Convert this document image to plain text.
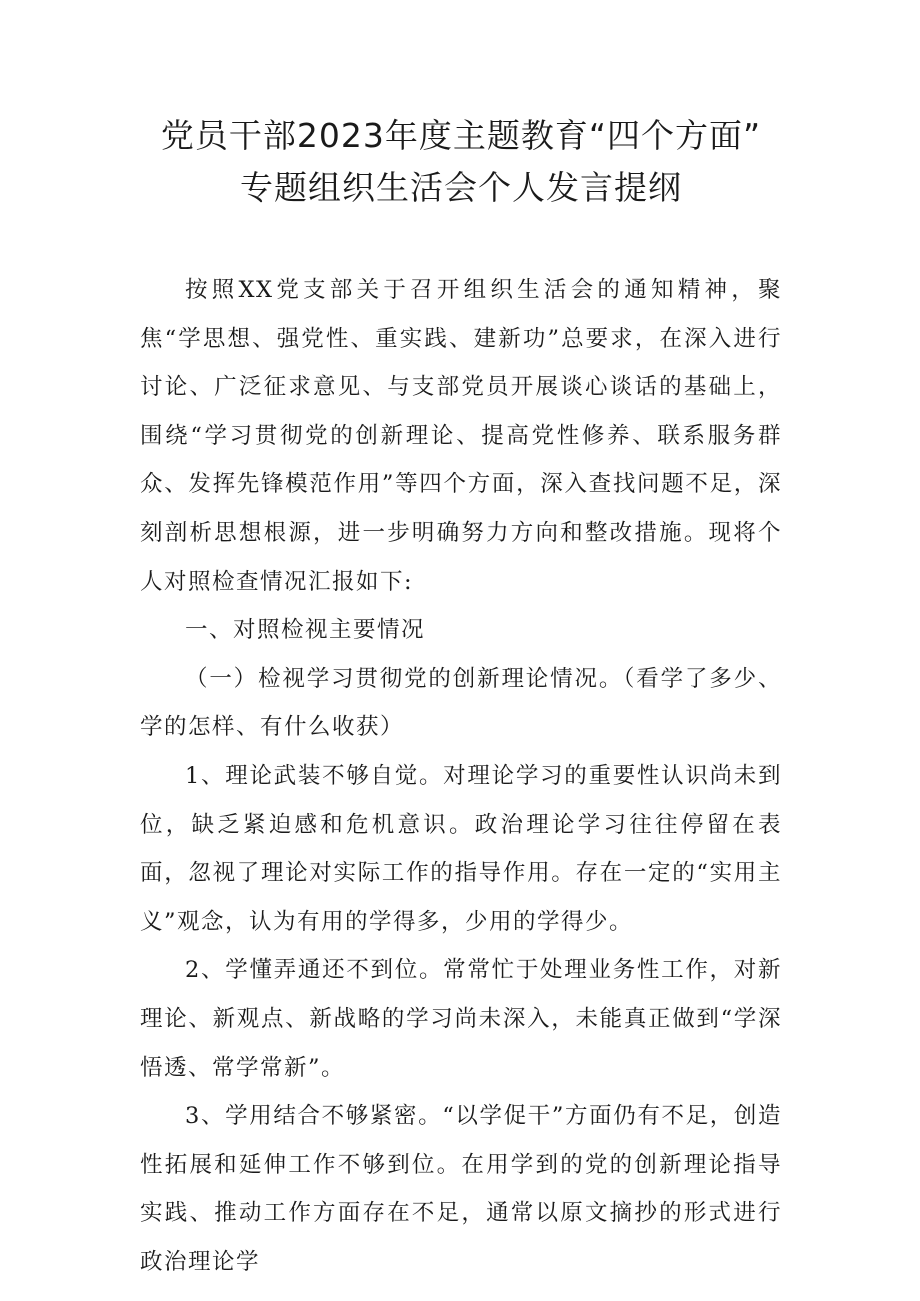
党员干部2023年度主题教育“四个方面”
专题组织生活会个人发言提纲

按照XX党支部关于召开组织生活会的通知精神，聚焦“学思想、强党性、重实践、建新功”总要求，在深入进行讨论、广泛征求意见、与支部党员开展谈心谈话的基础上，围绕“学习贯彻党的创新理论、提高党性修养、联系服务群众、发挥先锋模范作用”等四个方面，深入查找问题不足，深刻剖析思想根源，进一步明确努力方向和整改措施。现将个人对照检查情况汇报如下:

一、对照检视主要情况

（一）检视学习贯彻党的创新理论情况。（看学了多少、学的怎样、有什么收获）

1、理论武装不够自觉。对理论学习的重要性认识尚未到位，缺乏紧迫感和危机意识。政治理论学习往往停留在表面，忽视了理论对实际工作的指导作用。存在一定的“实用主义”观念，认为有用的学得多，少用的学得少。

2、学懂弄通还不到位。常常忙于处理业务性工作，对新理论、新观点、新战略的学习尚未深入，未能真正做到“学深悟透、常学常新”。

3、学用结合不够紧密。“以学促干”方面仍有不足，创造性拓展和延伸工作不够到位。在用学到的党的创新理论指导实践、推动工作方面存在不足，通常以原文摘抄的形式进行政治理论学
